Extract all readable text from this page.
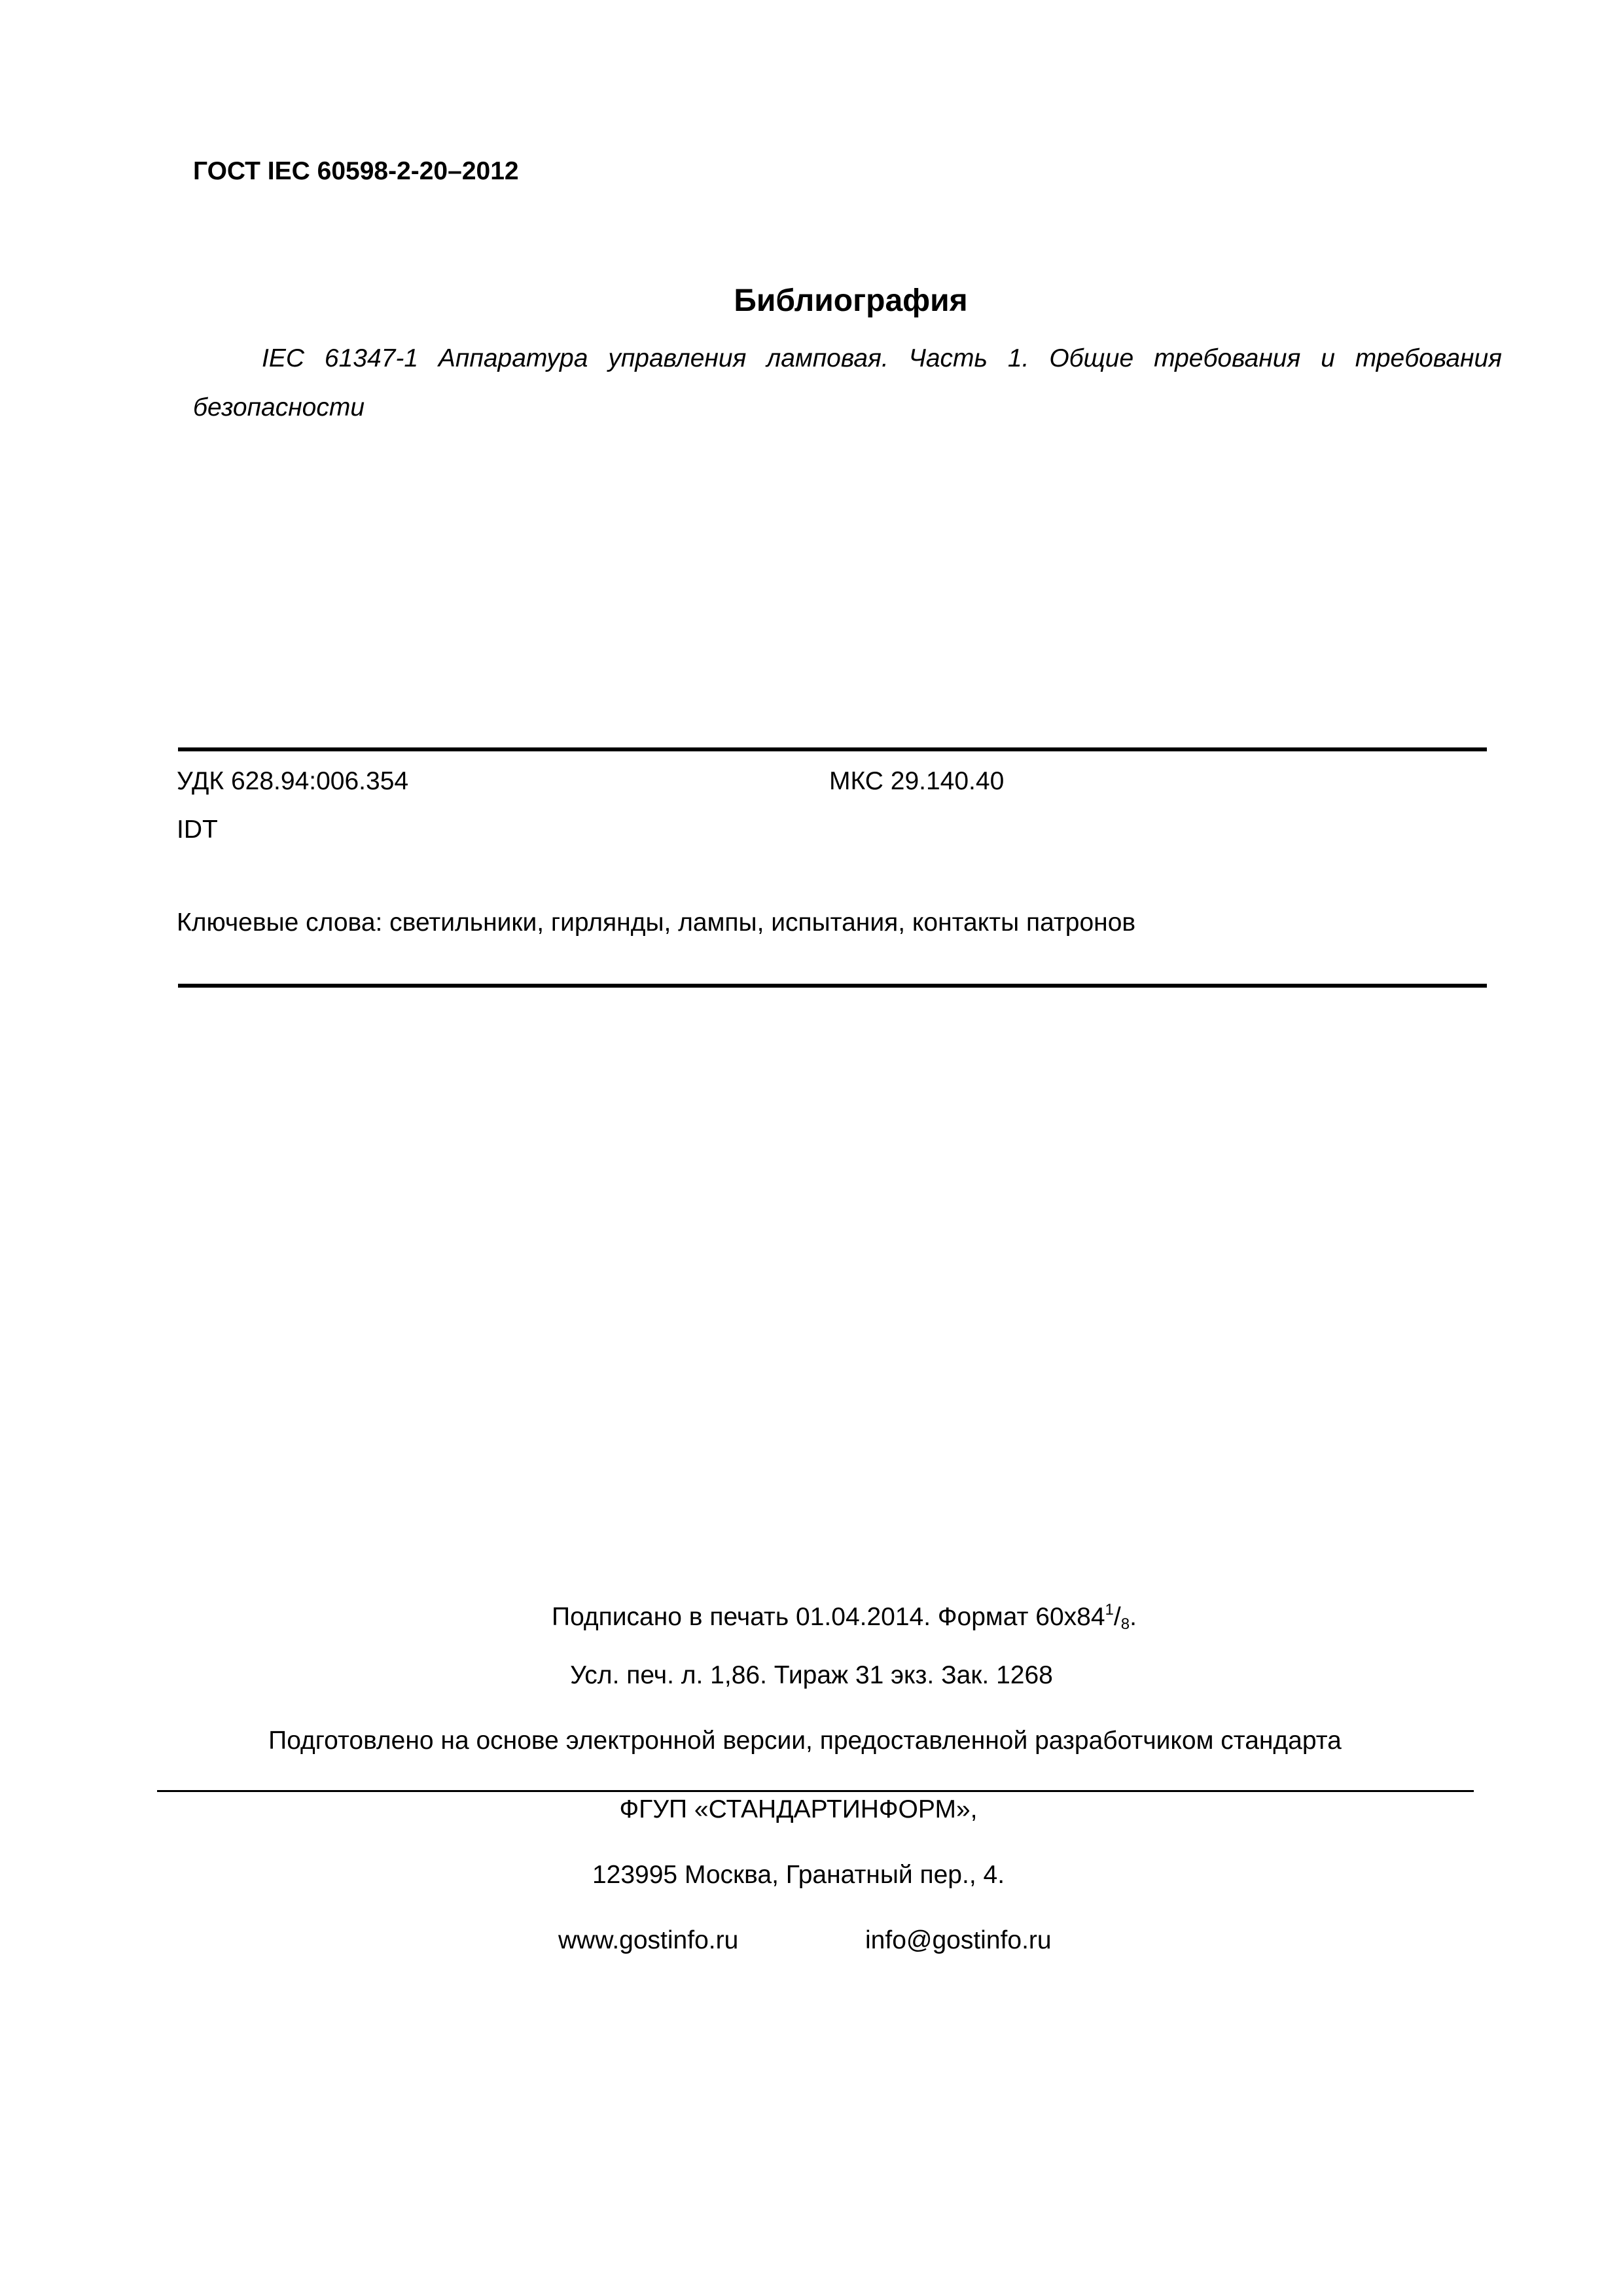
ГОСТ IEC 60598-2-20–2012
Библиография
IEC 61347-1 Аппаратура управления ламповая. Часть 1. Общие требования и требования безопасности
УДК 628.94:006.354	МКС 29.140.40
IDT
Ключевые слова: светильники, гирлянды, лампы, испытания, контакты патронов
Подписано в печать 01.04.2014. Формат $60x84^1/_8$.
Усл. печ. л. 1,86. Тираж 31 экз. Зак. 1268
Подготовлено на основе электронной версии, предоставленной разработчиком стандарта
ФГУП «СТАНДАРТИНФОРМ»,
123995 Москва, Гранатный пер., 4.
www.gostinfo.ru	info@gostinfo.ru
